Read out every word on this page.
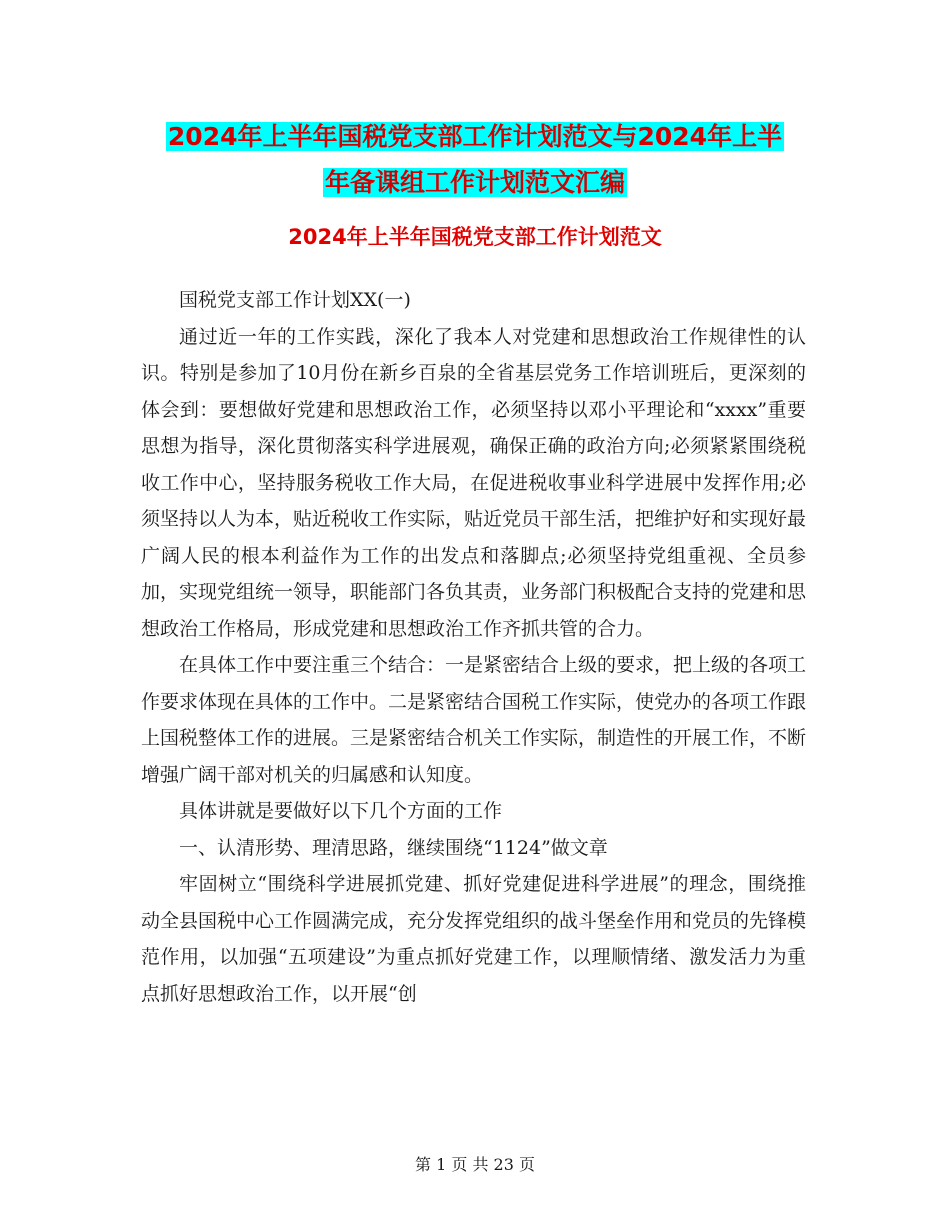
2024年上半年国税党支部工作计划范文与2024年上半
年备课组工作计划范文汇编
2024年上半年国税党支部工作计划范文

国税党支部工作计划XX(一)

通过近一年的工作实践，深化了我本人对党建和思想政治工作规律性的认识。特别是参加了10月份在新乡百泉的全省基层党务工作培训班后，更深刻的体会到：要想做好党建和思想政治工作，必须坚持以邓小平理论和“xxxx”重要思想为指导，深化贯彻落实科学进展观，确保正确的政治方向;必须紧紧围绕税收工作中心，坚持服务税收工作大局，在促进税收事业科学进展中发挥作用;必须坚持以人为本，贴近税收工作实际，贴近党员干部生活，把维护好和实现好最广阔人民的根本利益作为工作的出发点和落脚点;必须坚持党组重视、全员参加，实现党组统一领导，职能部门各负其责，业务部门积极配合支持的党建和思想政治工作格局，形成党建和思想政治工作齐抓共管的合力。

在具体工作中要注重三个结合：一是紧密结合上级的要求，把上级的各项工作要求体现在具体的工作中。二是紧密结合国税工作实际，使党办的各项工作跟上国税整体工作的进展。三是紧密结合机关工作实际，制造性的开展工作，不断增强广阔干部对机关的归属感和认知度。

具体讲就是要做好以下几个方面的工作

一、认清形势、理清思路，继续围绕“1124”做文章

牢固树立“围绕科学进展抓党建、抓好党建促进科学进展”的理念，围绕推动全县国税中心工作圆满完成，充分发挥党组织的战斗堡垒作用和党员的先锋模范作用，以加强“五项建设”为重点抓好党建工作，以理顺情绪、激发活力为重点抓好思想政治工作，以开展“创

第 1 页 共 23 页
